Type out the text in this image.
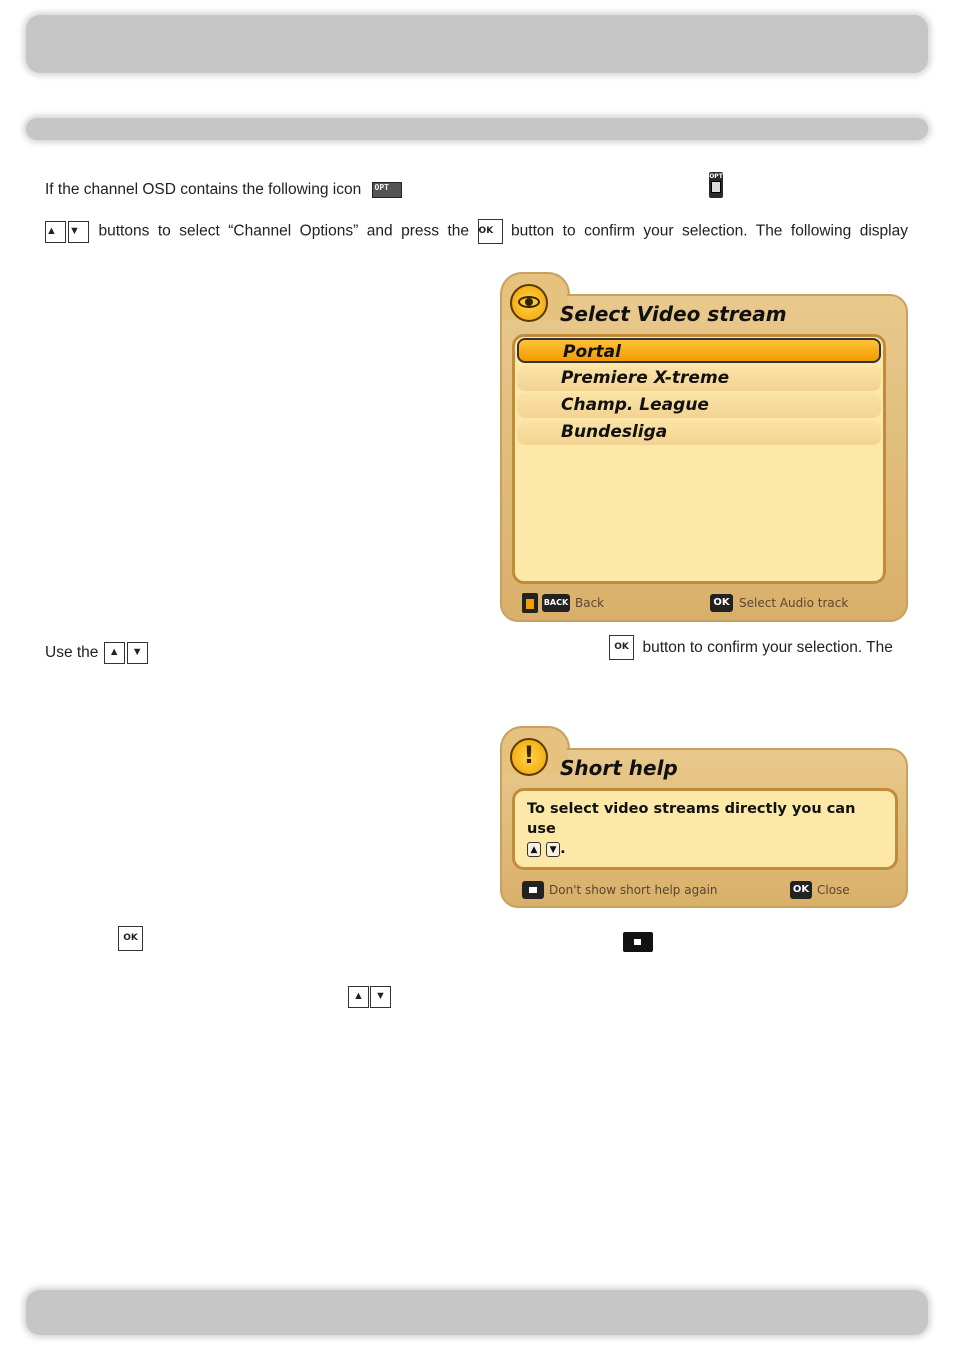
If the channel OSD contains the following icon OPT
OPT
▲ ▼ buttons to select “Channel Options” and press the OK button to confirm your selection. The following display
Select Video stream
Portal
Premiere X-treme
Champ. League
Bundesliga
BACK Back	OK Select Audio track
Use the ▲ ▼	OK button to confirm your selection. The
!	Short help
To select video streams directly you can use
▲ ▼ .
Don't show short help again	OK Close
OK
▲ ▼
